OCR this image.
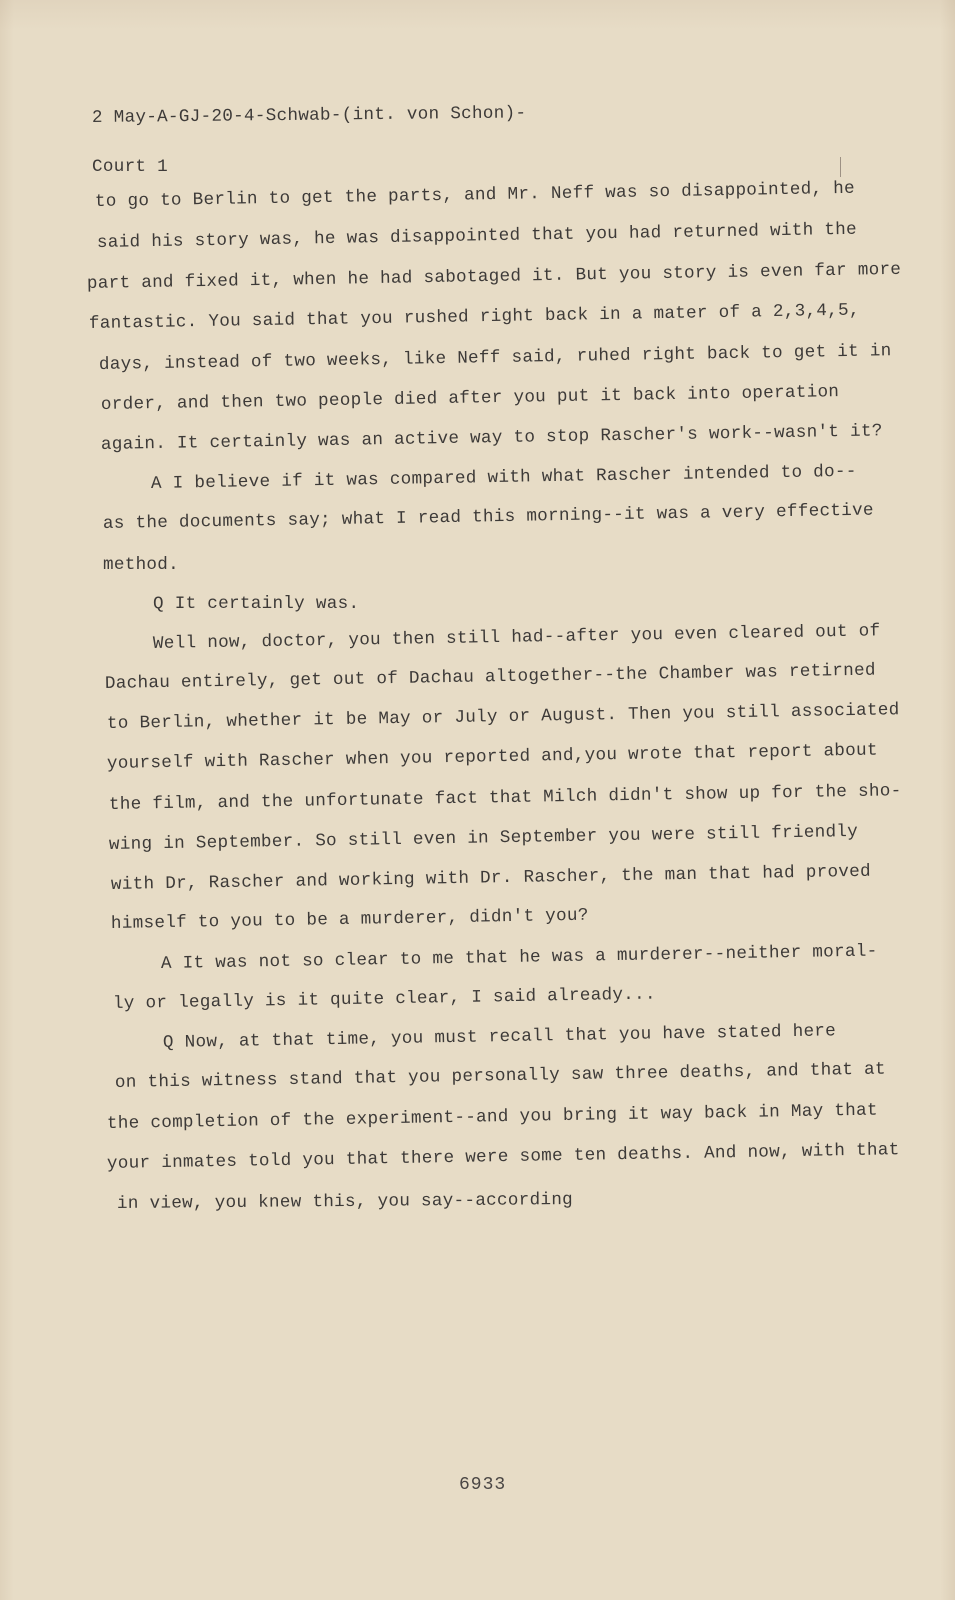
2 May-A-GJ-20-4-Schwab-(int. von Schon)-
Court 1
to go to Berlin to get the parts, and Mr. Neff was so disappointed, he
said his story was, he was disappointed that you had returned with the
part and fixed it, when he had sabotaged it. But you story is even far more
fantastic. You said that you rushed right back in a mater of a 2,3,4,5,
days, instead of two weeks, like Neff said, ruhed right back to get it in
order, and then two people died after you put it back into operation
again. It certainly was an active way to stop Rascher's work--wasn't it?
A I believe if it was compared with what Rascher intended to do--
as the documents say; what I read this morning--it was a very effective
method.
Q It certainly was.
Well now, doctor, you then still had--after you even cleared out of
Dachau entirely, get out of Dachau altogether--the Chamber was retirned
to Berlin, whether it be May or July or August. Then you still associated
yourself with Rascher when you reported and,you wrote that report about
the film, and the unfortunate fact that Milch didn't show up for the sho-
wing in September. So still even in September you were still friendly
with Dr, Rascher and working with Dr. Rascher, the man that had proved
himself to you to be a murderer, didn't you?
A It was not so clear to me that he was a murderer--neither moral-
ly or legally is it quite clear, I said already...
Q Now, at that time, you must recall that you have stated here
on this witness stand that you personally saw three deaths, and that at
the completion of the experiment--and you bring it way back in May that
your inmates told you that there were some ten deaths. And now, with that
in view, you knew this, you say--according
6933
